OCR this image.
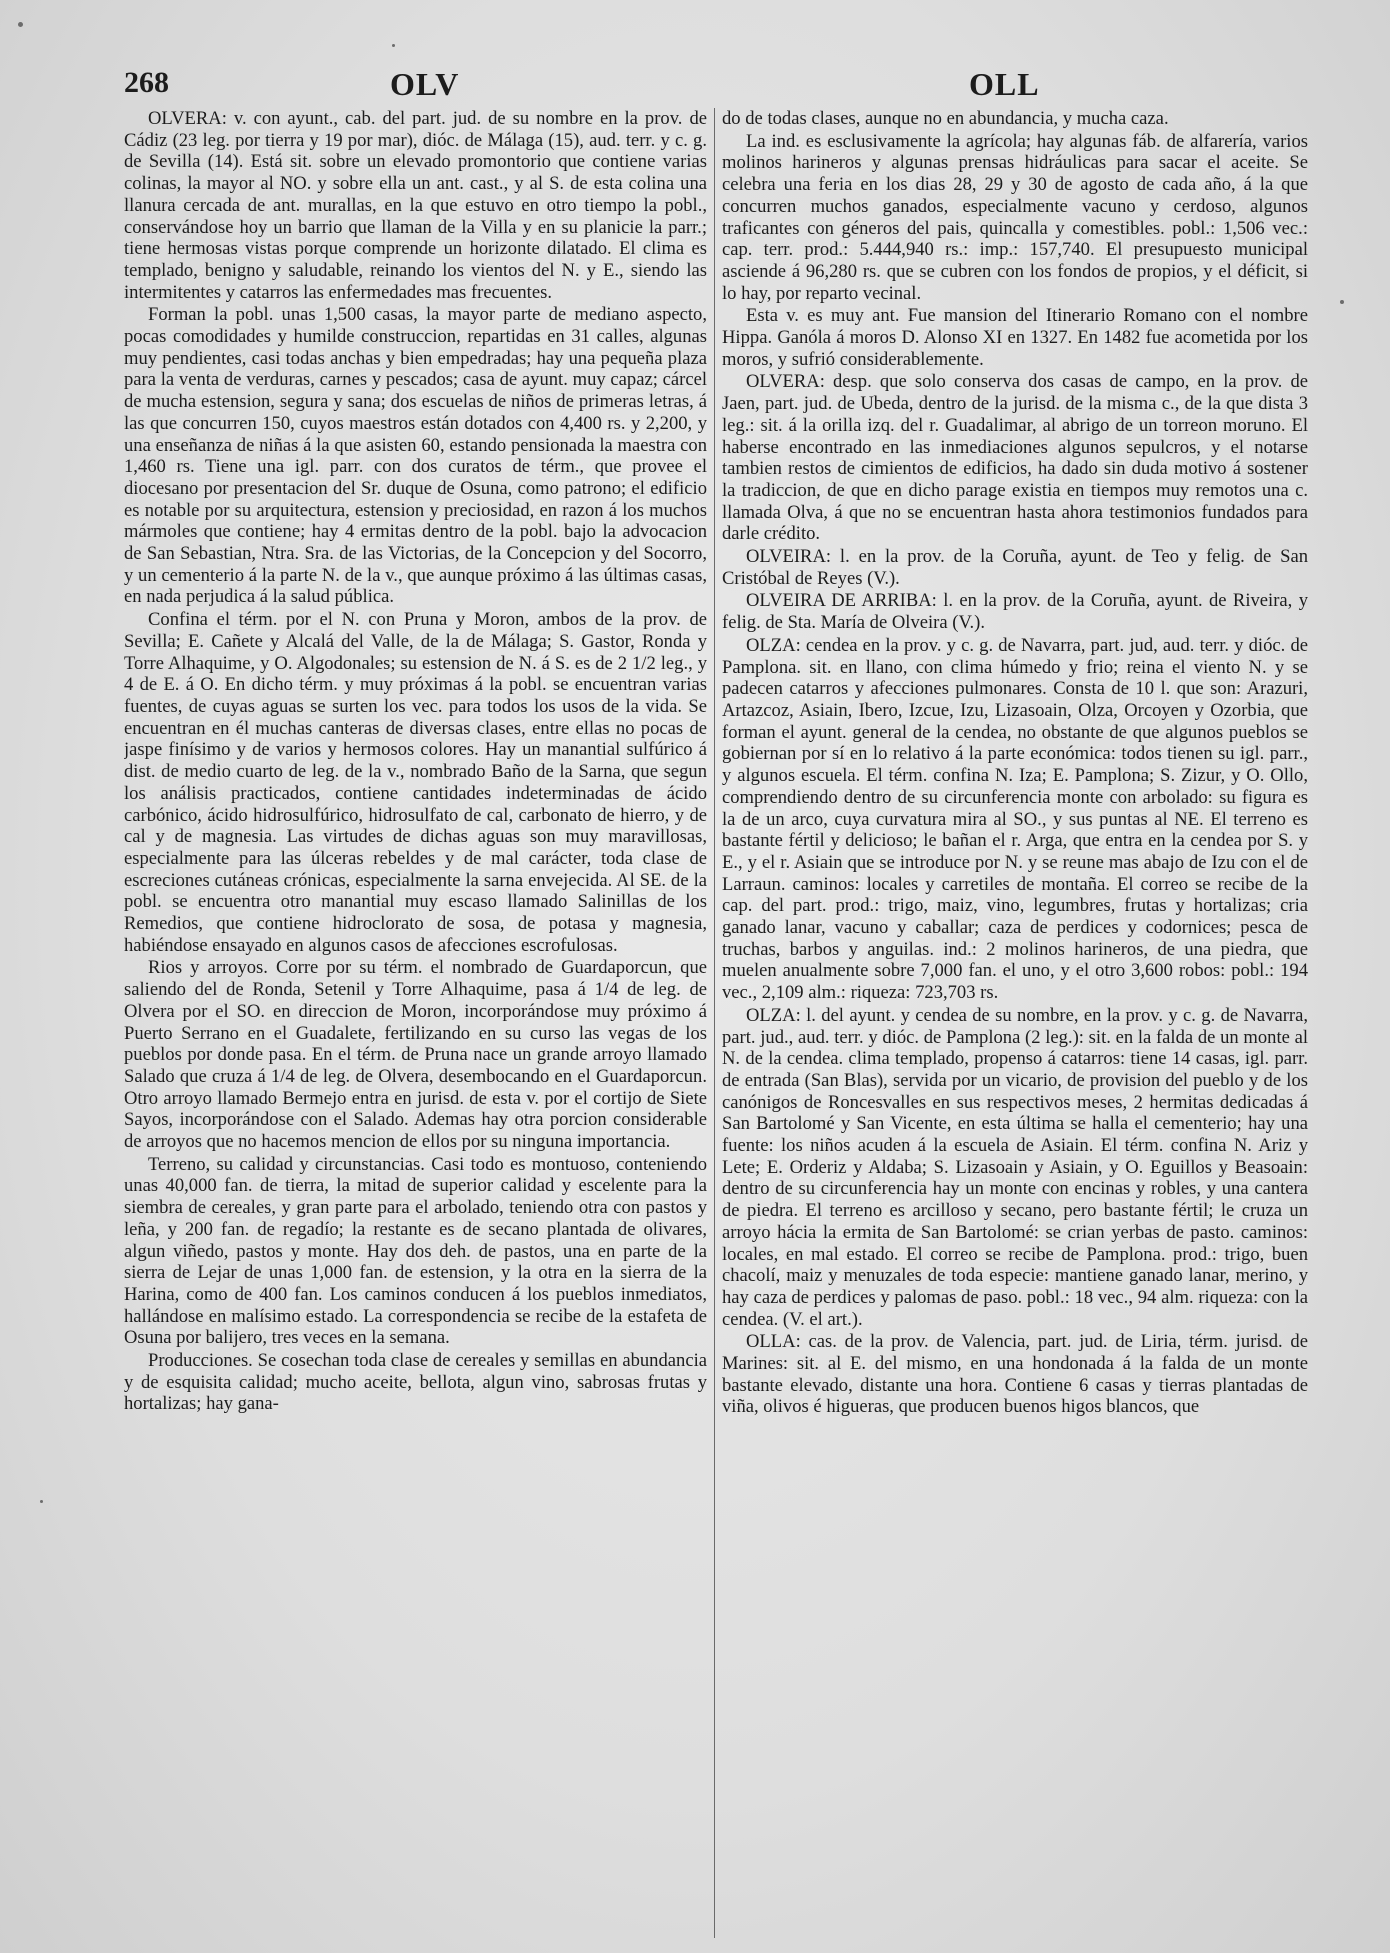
268	OLV	OLL

OLVERA: v. con ayunt., cab. del part. jud. de su nombre en la prov. de Cádiz (23 leg. por tierra y 19 por mar), dióc. de Málaga (15), aud. terr. y c. g. de Sevilla (14). Está sit. sobre un elevado promontorio que contiene varias colinas, la mayor al NO. y sobre ella un ant. cast., y al S. de esta colina una llanura cercada de ant. murallas, en la que estuvo en otro tiempo la pobl., conservándose hoy un barrio que llaman de la Villa y en su planicie la parr.; tiene hermosas vistas porque comprende un horizonte dilatado. El clima es templado, benigno y saludable, reinando los vientos del N. y E., siendo las intermitentes y catarros las enfermedades mas frecuentes.

Forman la pobl. unas 1,500 casas, la mayor parte de mediano aspecto, pocas comodidades y humilde construccion, repartidas en 31 calles, algunas muy pendientes, casi todas anchas y bien empedradas; hay una pequeña plaza para la venta de verduras, carnes y pescados; casa de ayunt. muy capaz; cárcel de mucha estension, segura y sana; dos escuelas de niños de primeras letras, á las que concurren 150, cuyos maestros están dotados con 4,400 rs. y 2,200, y una enseñanza de niñas á la que asisten 60, estando pensionada la maestra con 1,460 rs. Tiene una igl. parr. con dos curatos de térm., que provee el diocesano por presentacion del Sr. duque de Osuna, como patrono; el edificio es notable por su arquitectura, estension y preciosidad, en razon á los muchos mármoles que contiene; hay 4 ermitas dentro de la pobl. bajo la advocacion de San Sebastian, Ntra. Sra. de las Victorias, de la Concepcion y del Socorro, y un cementerio á la parte N. de la v., que aunque próximo á las últimas casas, en nada perjudica á la salud pública.

Confina el térm. por el N. con Pruna y Moron, ambos de la prov. de Sevilla; E. Cañete y Alcalá del Valle, de la de Málaga; S. Gastor, Ronda y Torre Alhaquime, y O. Algodonales; su estension de N. á S. es de 2 1/2 leg., y 4 de E. á O. En dicho térm. y muy próximas á la pobl. se encuentran varias fuentes, de cuyas aguas se surten los vec. para todos los usos de la vida. Se encuentran en él muchas canteras de diversas clases, entre ellas no pocas de jaspe finísimo y de varios y hermosos colores. Hay un manantial sulfúrico á dist. de medio cuarto de leg. de la v., nombrado Baño de la Sarna, que segun los análisis practicados, contiene cantidades indeterminadas de ácido carbónico, ácido hidrosulfúrico, hidrosulfato de cal, carbonato de hierro, y de cal y de magnesia. Las virtudes de dichas aguas son muy maravillosas, especialmente para las úlceras rebeldes y de mal carácter, toda clase de escreciones cutáneas crónicas, especialmente la sarna envejecida. Al SE. de la pobl. se encuentra otro manantial muy escaso llamado Salinillas de los Remedios, que contiene hidroclorato de sosa, de potasa y magnesia, habiéndose ensayado en algunos casos de afecciones escrofulosas.

Rios y arroyos. Corre por su térm. el nombrado de Guardaporcun, que saliendo del de Ronda, Setenil y Torre Alhaquime, pasa á 1/4 de leg. de Olvera por el SO. en direccion de Moron, incorporándose muy próximo á Puerto Serrano en el Guadalete, fertilizando en su curso las vegas de los pueblos por donde pasa. En el térm. de Pruna nace un grande arroyo llamado Salado que cruza á 1/4 de leg. de Olvera, desembocando en el Guardaporcun. Otro arroyo llamado Bermejo entra en jurisd. de esta v. por el cortijo de Siete Sayos, incorporándose con el Salado. Ademas hay otra porcion considerable de arroyos que no hacemos mencion de ellos por su ninguna importancia.

Terreno, su calidad y circunstancias. Casi todo es montuoso, conteniendo unas 40,000 fan. de tierra, la mitad de superior calidad y escelente para la siembra de cereales, y gran parte para el arbolado, teniendo otra con pastos y leña, y 200 fan. de regadío; la restante es de secano plantada de olivares, algun viñedo, pastos y monte. Hay dos deh. de pastos, una en parte de la sierra de Lejar de unas 1,000 fan. de estension, y la otra en la sierra de la Harina, como de 400 fan. Los caminos conducen á los pueblos inmediatos, hallándose en malísimo estado. La correspondencia se recibe de la estafeta de Osuna por balijero, tres veces en la semana.

Producciones. Se cosechan toda clase de cereales y semillas en abundancia y de esquisita calidad; mucho aceite, bellota, algun vino, sabrosas frutas y hortalizas; hay gana-

do de todas clases, aunque no en abundancia, y mucha caza.

La ind. es esclusivamente la agrícola; hay algunas fáb. de alfarería, varios molinos harineros y algunas prensas hidráulicas para sacar el aceite. Se celebra una feria en los dias 28, 29 y 30 de agosto de cada año, á la que concurren muchos ganados, especialmente vacuno y cerdoso, algunos traficantes con géneros del pais, quincalla y comestibles. pobl.: 1,506 vec.: cap. terr. prod.: 5.444,940 rs.: imp.: 157,740. El presupuesto municipal asciende á 96,280 rs. que se cubren con los fondos de propios, y el déficit, si lo hay, por reparto vecinal.

Esta v. es muy ant. Fue mansion del Itinerario Romano con el nombre Hippa. Ganóla á moros D. Alonso XI en 1327. En 1482 fue acometida por los moros, y sufrió considerablemente.

OLVERA: desp. que solo conserva dos casas de campo, en la prov. de Jaen, part. jud. de Ubeda, dentro de la jurisd. de la misma c., de la que dista 3 leg.: sit. á la orilla izq. del r. Guadalimar, al abrigo de un torreon moruno. El haberse encontrado en las inmediaciones algunos sepulcros, y el notarse tambien restos de cimientos de edificios, ha dado sin duda motivo á sostener la tradiccion, de que en dicho parage existia en tiempos muy remotos una c. llamada Olva, á que no se encuentran hasta ahora testimonios fundados para darle crédito.

OLVEIRA: l. en la prov. de la Coruña, ayunt. de Teo y felig. de San Cristóbal de Reyes (V.).

OLVEIRA DE ARRIBA: l. en la prov. de la Coruña, ayunt. de Riveira, y felig. de Sta. María de Olveira (V.).

OLZA: cendea en la prov. y c. g. de Navarra, part. jud, aud. terr. y dióc. de Pamplona. sit. en llano, con clima húmedo y frio; reina el viento N. y se padecen catarros y afecciones pulmonares. Consta de 10 l. que son: Arazuri, Artazcoz, Asiain, Ibero, Izcue, Izu, Lizasoain, Olza, Orcoyen y Ozorbia, que forman el ayunt. general de la cendea, no obstante de que algunos pueblos se gobiernan por sí en lo relativo á la parte económica: todos tienen su igl. parr., y algunos escuela. El térm. confina N. Iza; E. Pamplona; S. Zizur, y O. Ollo, comprendiendo dentro de su circunferencia monte con arbolado: su figura es la de un arco, cuya curvatura mira al SO., y sus puntas al NE. El terreno es bastante fértil y delicioso; le bañan el r. Arga, que entra en la cendea por S. y E., y el r. Asiain que se introduce por N. y se reune mas abajo de Izu con el de Larraun. caminos: locales y carretiles de montaña. El correo se recibe de la cap. del part. prod.: trigo, maiz, vino, legumbres, frutas y hortalizas; cria ganado lanar, vacuno y caballar; caza de perdices y codornices; pesca de truchas, barbos y anguilas. ind.: 2 molinos harineros, de una piedra, que muelen anualmente sobre 7,000 fan. el uno, y el otro 3,600 robos: pobl.: 194 vec., 2,109 alm.: riqueza: 723,703 rs.

OLZA: l. del ayunt. y cendea de su nombre, en la prov. y c. g. de Navarra, part. jud., aud. terr. y dióc. de Pamplona (2 leg.): sit. en la falda de un monte al N. de la cendea. clima templado, propenso á catarros: tiene 14 casas, igl. parr. de entrada (San Blas), servida por un vicario, de provision del pueblo y de los canónigos de Roncesvalles en sus respectivos meses, 2 hermitas dedicadas á San Bartolomé y San Vicente, en esta última se halla el cementerio; hay una fuente: los niños acuden á la escuela de Asiain. El térm. confina N. Ariz y Lete; E. Orderiz y Aldaba; S. Lizasoain y Asiain, y O. Eguillos y Beasoain: dentro de su circunferencia hay un monte con encinas y robles, y una cantera de piedra. El terreno es arcilloso y secano, pero bastante fértil; le cruza un arroyo hácia la ermita de San Bartolomé: se crian yerbas de pasto. caminos: locales, en mal estado. El correo se recibe de Pamplona. prod.: trigo, buen chacolí, maiz y menuzales de toda especie: mantiene ganado lanar, merino, y hay caza de perdices y palomas de paso. pobl.: 18 vec., 94 alm. riqueza: con la cendea. (V. el art.).

OLLA: cas. de la prov. de Valencia, part. jud. de Liria, térm. jurisd. de Marines: sit. al E. del mismo, en una hondonada á la falda de un monte bastante elevado, distante una hora. Contiene 6 casas y tierras plantadas de viña, olivos é higueras, que producen buenos higos blancos, que
